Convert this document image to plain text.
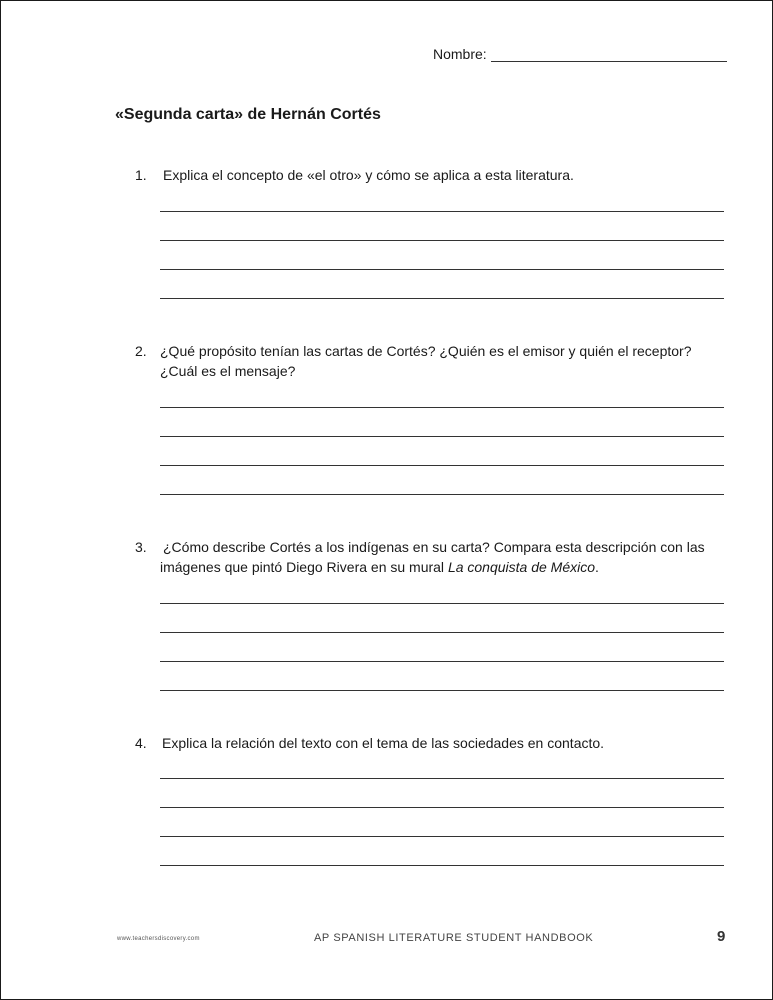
Nombre:
«Segunda carta» de Hernán Cortés
1.	Explica el concepto de «el otro» y cómo se aplica a esta literatura.
2. ¿Qué propósito tenían las cartas de Cortés? ¿Quién es el emisor y quién el receptor?
¿Cuál es el mensaje?
3.	¿Cómo describe Cortés a los indígenas en su carta? Compara esta descripción con las
imágenes que pintó Diego Rivera en su mural La conquista de México.
4.	Explica la relación del texto con el tema de las sociedades en contacto.
www.teachersdiscovery.com	AP SPANISH LITERATURE STUDENT HANDBOOK	9
